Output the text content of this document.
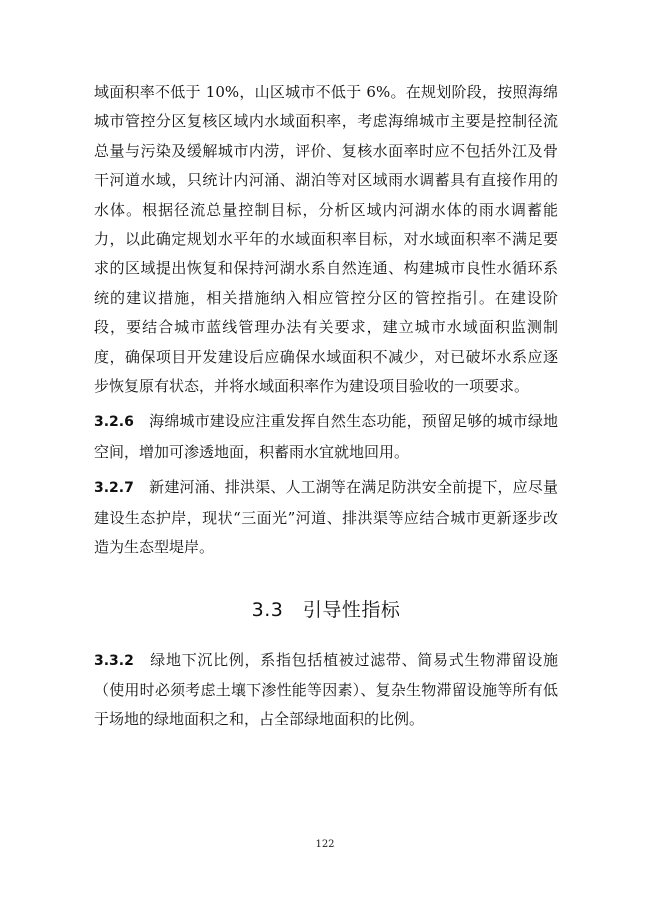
域面积率不低于 10%，山区城市不低于 6%。在规划阶段，按照海绵城市管控分区复核区域内水域面积率，考虑海绵城市主要是控制径流总量与污染及缓解城市内涝，评价、复核水面率时应不包括外江及骨干河道水域，只统计内河涌、湖泊等对区域雨水调蓄具有直接作用的水体。根据径流总量控制目标，分析区域内河湖水体的雨水调蓄能力，以此确定规划水平年的水域面积率目标，对水域面积率不满足要求的区域提出恢复和保持河湖水系自然连通、构建城市良性水循环系统的建议措施，相关措施纳入相应管控分区的管控指引。在建设阶段，要结合城市蓝线管理办法有关要求，建立城市水域面积监测制度，确保项目开发建设后应确保水域面积不减少，对已破坏水系应逐步恢复原有状态，并将水域面积率作为建设项目验收的一项要求。

3.2.6　 海绵城市建设应注重发挥自然生态功能，预留足够的城市绿地空间，增加可渗透地面，积蓄雨水宜就地回用。

3.2.7　 新建河涌、排洪渠、人工湖等在满足防洪安全前提下，应尽量建设生态护岸，现状“三面光”河道、排洪渠等应结合城市更新逐步改造为生态型堤岸。

3.3　引导性指标

3.3.2　 绿地下沉比例，系指包括植被过滤带、简易式生物滞留设施（使用时必须考虑土壤下渗性能等因素）、复杂生物滞留设施等所有低于场地的绿地面积之和，占全部绿地面积的比例。

122
